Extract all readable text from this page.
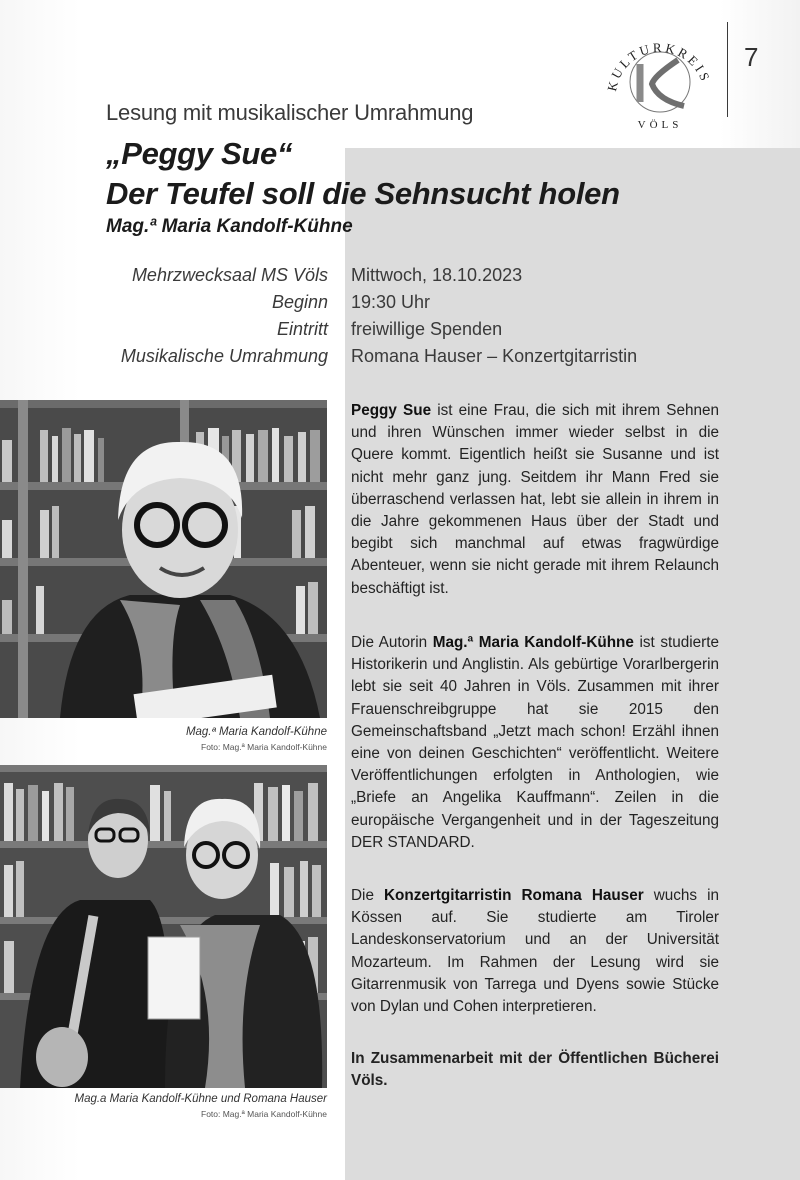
KULTURKREIS
VÖLS
7
Lesung mit musikalischer Umrahmung
„Peggy Sue“
Der Teufel soll die Sehnsucht holen
Mag.ª Maria Kandolf-Kühne
Mehrzwecksaal MS Völs Mittwoch, 18.10.2023
Beginn 19:30 Uhr
Eintritt freiwillige Spenden
Musikalische Umrahmung Romana Hauser – Konzertgitarristin
Mag.ª Maria Kandolf-Kühne
Foto: Mag.ª Maria Kandolf-Kühne
Mag.a Maria Kandolf-Kühne und Romana Hauser
Foto: Mag.ª Maria Kandolf-Kühne
Peggy Sue ist eine Frau, die sich mit ihrem Sehnen und ihren Wünschen immer wieder selbst in die Quere kommt. Eigentlich heißt sie Susanne und ist nicht mehr ganz jung. Seitdem ihr Mann Fred sie überraschend verlassen hat, lebt sie allein in ihrem in die Jahre gekommenen Haus über der Stadt und begibt sich manchmal auf etwas fragwürdige Abenteuer, wenn sie nicht gerade mit ihrem Relaunch beschäftigt ist.
Die Autorin Mag.ª Maria Kandolf-Kühne ist studierte Historikerin und Anglistin. Als gebürtige Vorarlbergerin lebt sie seit 40 Jahren in Völs. Zusammen mit ihrer Frauenschreibgruppe hat sie 2015 den Gemeinschaftsband „Jetzt mach schon! Erzähl ihnen eine von deinen Geschichten“ veröffentlicht. Weitere Veröffentlichungen erfolgten in Anthologien, wie „Briefe an Angelika Kauffmann“. Zeilen in die europäische Vergangenheit und in der Tageszeitung DER STANDARD.
Die Konzertgitarristin Romana Hauser wuchs in Kössen auf. Sie studierte am Tiroler Landeskonservatorium und an der Universität Mozarteum. Im Rahmen der Lesung wird sie Gitarrenmusik von Tarrega und Dyens sowie Stücke von Dylan und Cohen interpretieren.
In Zusammenarbeit mit der Öffentlichen Bücherei Völs.
